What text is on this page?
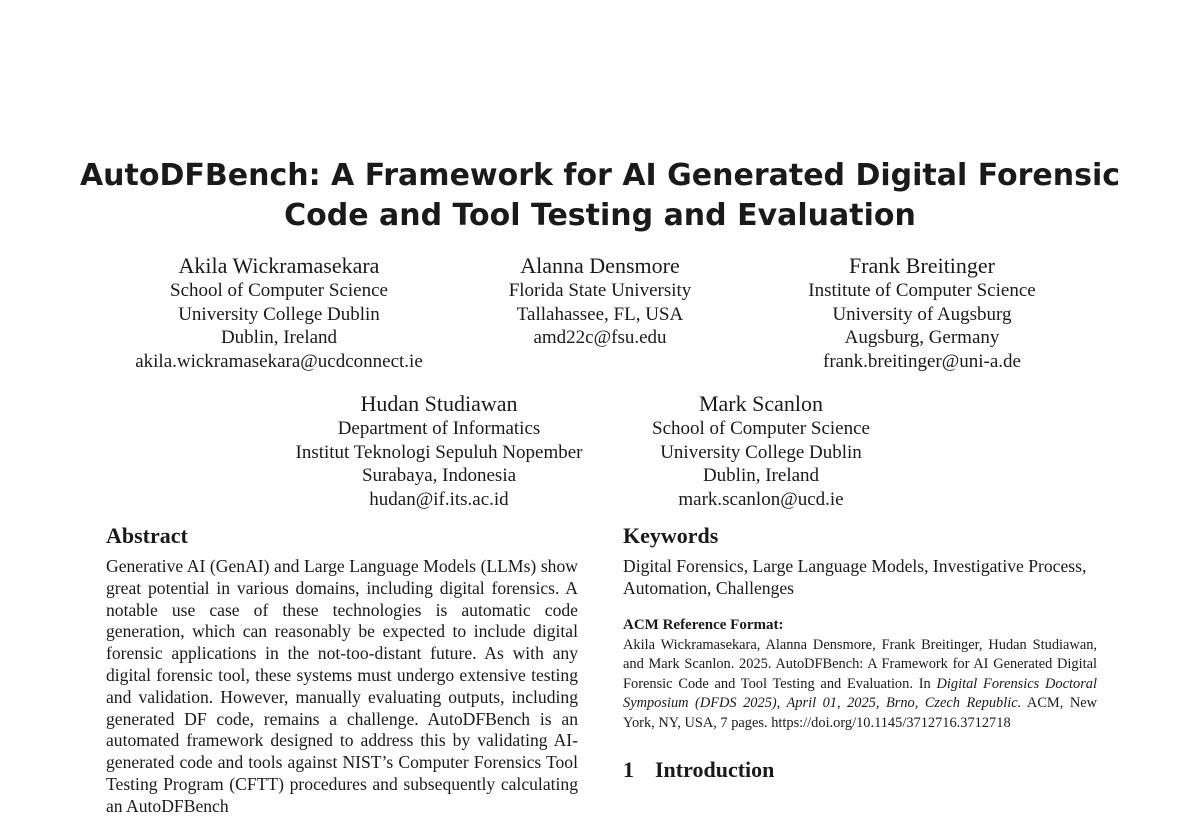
AutoDFBench: A Framework for AI Generated Digital Forensic
Code and Tool Testing and Evaluation
Akila Wickramasekara
School of Computer Science
University College Dublin
Dublin, Ireland
akila.wickramasekara@ucdconnect.ie
Alanna Densmore
Florida State University
Tallahassee, FL, USA
amd22c@fsu.edu
Frank Breitinger
Institute of Computer Science
University of Augsburg
Augsburg, Germany
frank.breitinger@uni-a.de
Hudan Studiawan
Department of Informatics
Institut Teknologi Sepuluh Nopember
Surabaya, Indonesia
hudan@if.its.ac.id
Mark Scanlon
School of Computer Science
University College Dublin
Dublin, Ireland
mark.scanlon@ucd.ie
Abstract

Generative AI (GenAI) and Large Language Models (LLMs) show great potential in various domains, including digital forensics. A notable use case of these technologies is automatic code generation, which can reasonably be expected to include digital forensic applications in the not-too-distant future. As with any digital forensic tool, these systems must undergo extensive testing and validation. However, manually evaluating outputs, including generated DF code, remains a challenge. AutoDFBench is an automated framework designed to address this by validating AI-generated code and tools against NIST’s Computer Forensics Tool Testing Program (CFTT) procedures and subsequently calculating an AutoDFBench

Keywords

Digital Forensics, Large Language Models, Investigative Process, Automation, Challenges

ACM Reference Format:

Akila Wickramasekara, Alanna Densmore, Frank Breitinger, Hudan Studiawan, and Mark Scanlon. 2025. AutoDFBench: A Framework for AI Generated Digital Forensic Code and Tool Testing and Evaluation. In Digital Forensics Doctoral Symposium (DFDS 2025), April 01, 2025, Brno, Czech Republic. ACM, New York, NY, USA, 7 pages. https://doi.org/10.1145/3712716.3712718

1 Introduction
